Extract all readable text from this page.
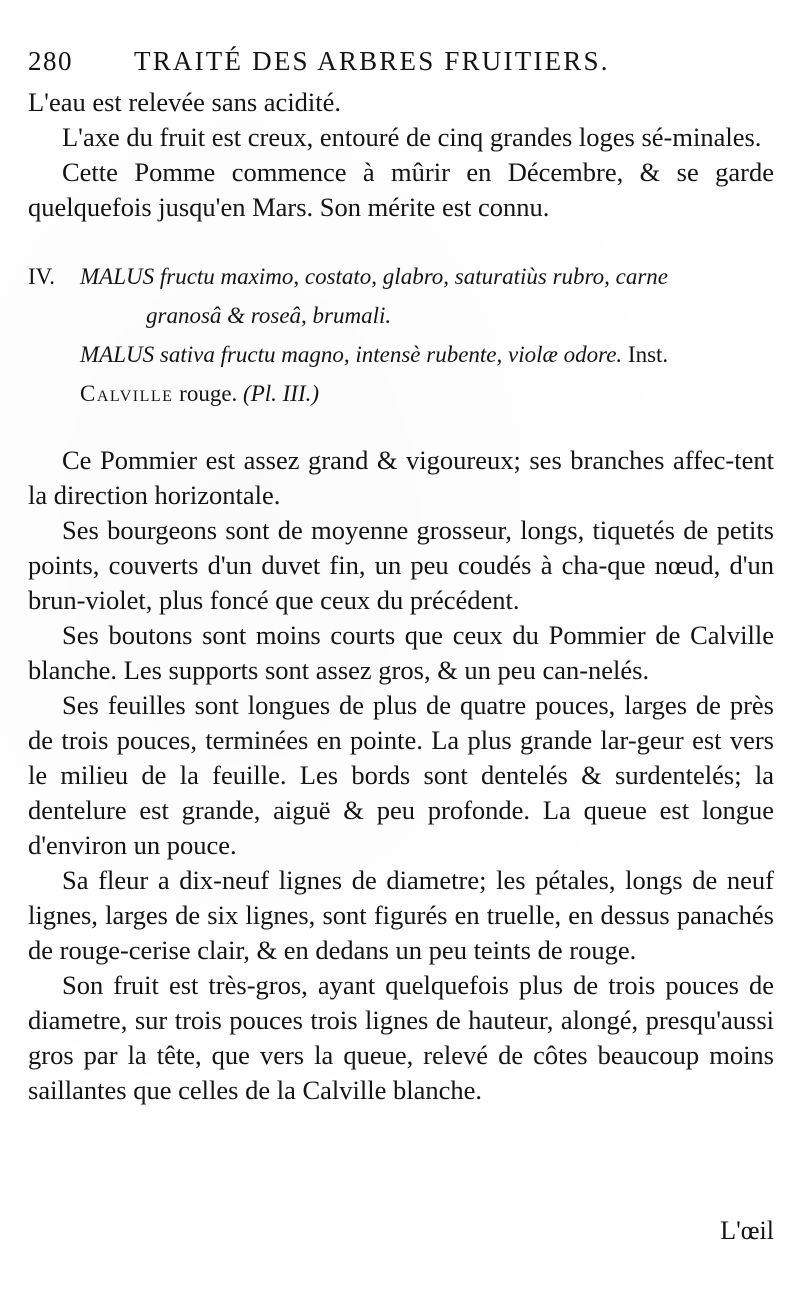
280 TRAITÉ DES ARBRES FRUITIERS.

L'eau est relevée sans acidité.

L'axe du fruit est creux, entouré de cinq grandes loges sé-minales.

Cette Pomme commence à mûrir en Décembre, & se garde quelquefois jusqu'en Mars. Son mérite est connu.

IV. MALUS fructu maximo, costato, glabro, saturatiùs rubro, carne

granosâ & roseâ, brumali.

MALUS sativa fructu magno, intensè rubente, violæ odore. Inst.

Calville rouge. (Pl. III.)

Ce Pommier est assez grand & vigoureux; ses branches affec-tent la direction horizontale.

Ses bourgeons sont de moyenne grosseur, longs, tiquetés de petits points, couverts d'un duvet fin, un peu coudés à cha-que nœud, d'un brun-violet, plus foncé que ceux du précédent.

Ses boutons sont moins courts que ceux du Pommier de Calville blanche. Les supports sont assez gros, & un peu can-nelés.

Ses feuilles sont longues de plus de quatre pouces, larges de près de trois pouces, terminées en pointe. La plus grande lar-geur est vers le milieu de la feuille. Les bords sont dentelés & surdentelés; la dentelure est grande, aiguë & peu profonde. La queue est longue d'environ un pouce.

Sa fleur a dix-neuf lignes de diametre; les pétales, longs de neuf lignes, larges de six lignes, sont figurés en truelle, en dessus panachés de rouge-cerise clair, & en dedans un peu teints de rouge.

Son fruit est très-gros, ayant quelquefois plus de trois pouces de diametre, sur trois pouces trois lignes de hauteur, alongé, presqu'aussi gros par la tête, que vers la queue, relevé de côtes beaucoup moins saillantes que celles de la Calville blanche.

L'œil
